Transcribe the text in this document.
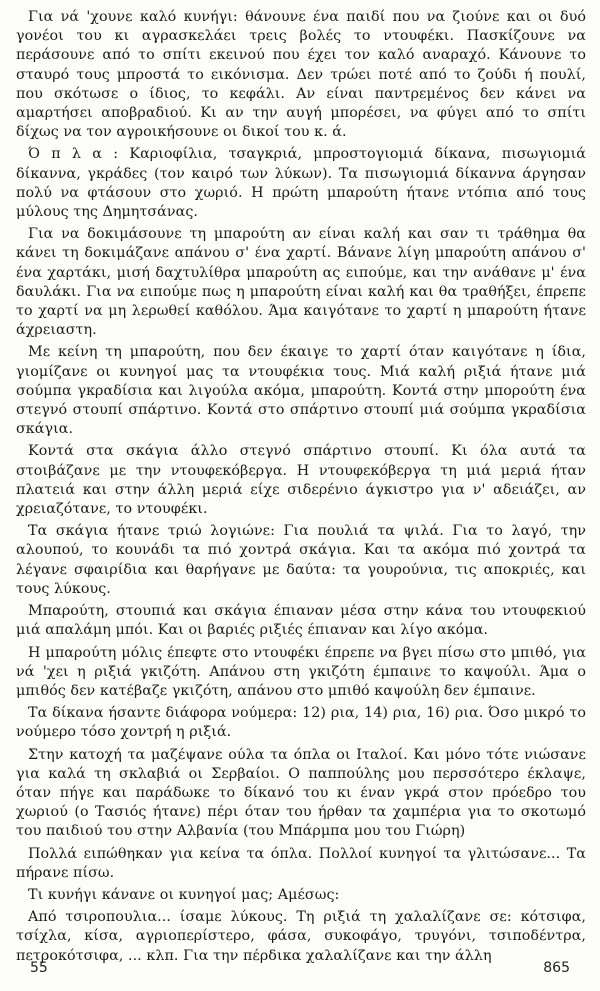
Για νά 'χουνε καλό κυνήγι: θάνουνε ένα παιδί που να ζιούνε και οι δυό γονέοι του κι αγρασκελάει τρεις βολές το ντουφέκι. Πασκίζουνε να περάσουνε από το σπίτι εκεινού που έχει τον καλό αναραχό. Κάνουνε το σταυρό τους μπροστά το εικόνισμα. Δεν τρώει ποτέ από το ζούδι ή πουλί, που σκότωσε ο ίδιος, το κεφάλι. Αν είναι παντρεμένος δεν κάνει να αμαρτήσει αποβραδιού. Κι αν την αυγή μπορέσει, να φύγει από το σπίτι δίχως να τον αγροικήσουνε οι δικοί του κ. ά.

Ό π λ α : Καριοφίλια, τσαγκριά, μπροστογιομιά δίκανα, πισωγιομιά δίκαννα, γκράδες (τον καιρό των λύκων). Τα πισωγιομιά δίκαννα άργησαν πολύ να φτάσουν στο χωριό. Η πρώτη μπαρούτη ήτανε ντόπια από τους μύλους της Δημητσάνας.

Για να δοκιμάσουνε τη μπαρούτη αν είναι καλή και σαν τι τράθημα θα κάνει τη δοκιμάζανε απάνου σ' ένα χαρτί. Βάνανε λίγη μπαρούτη απάνου σ' ένα χαρτάκι, μισή δαχτυλίθρα μπαρούτη ας ειπούμε, και την ανάθανε μ' ένα δαυλάκι. Για να ειπούμε πως η μπαρούτη είναι καλή και θα τραθήξει, έπρεπε το χαρτί να μη λερωθεί καθόλου. Άμα καιγότανε το χαρτί η μπαρούτη ήτανε άχρειαστη.

Με κείνη τη μπαρούτη, που δεν έκαιγε το χαρτί όταν καιγότανε η ίδια, γιομίζανε οι κυνηγοί μας τα ντουφέκια τους. Μιά καλή ριξιά ήτανε μιά σούμπα γκραδίσια και λιγούλα ακόμα, μπαρούτη. Κοντά στην μπορούτη ένα στεγνό στουπί σπάρτινο. Κοντά στο σπάρτινο στουπί μιά σούμπα γκραδίσια σκάγια.

Κοντά στα σκάγια άλλο στεγνό σπάρτινο στουπί. Κι όλα αυτά τα στοιβάζανε με την ντουφεκόβεργα. Η ντουφεκόβεργα τη μιά μεριά ήταν πλατειά και στην άλλη μεριά είχε σιδερένιο άγκιστρο για ν' αδειάζει, αν χρειαζότανε, το ντουφέκι.

Τα σκάγια ήτανε τριώ λογιώνε: Για πουλιά τα ψιλά. Για το λαγό, την αλουπού, το κουνάδι τα πιό χοντρά σκάγια. Και τα ακόμα πιό χοντρά τα λέγανε σφαιρίδια και θαρήγανε με δαύτα: τα γουρούνια, τις αποκριές, και τους λύκους.

Μπαρούτη, στουπιά και σκάγια έπιαναν μέσα στην κάνα του ντουφεκιού μιά απαλάμη μπόι. Και οι βαριές ριξιές έπιαναν και λίγο ακόμα.

Η μπαρούτη μόλις έπεφτε στο ντουφέκι έπρεπε να βγει πίσω στο μπιθό, για νά 'χει η ριξιά γκιζότη. Απάνου στη γκιζότη έμπαινε το καψούλι. Άμα ο μπιθός δεν κατέβαζε γκιζότη, απάνου στο μπιθό καψούλη δεν έμπαινε.

Τα δίκανα ήσαντε διάφορα νούμερα: 12) ρια, 14) ρια, 16) ρια. Όσο μικρό το νούμερο τόσο χοντρή η ριξιά.

Στην κατοχή τα μαζέψανε ούλα τα όπλα οι Ιταλοί. Και μόνο τότε νιώσανε για καλά τη σκλαβιά οι Σερβαίοι. Ο παππούλης μου περσσότερο έκλαψε, όταν πήγε και παράδωκε το δίκανό του κι έναν γκρά στον πρόεδρο του χωριού (ο Τασιός ήτανε) πέρι όταν του ήρθαν τα χαμπέρια για το σκοτωμό του παιδιού του στην Αλβανία (του Μπάρμπα μου του Γιώρη)

Πολλά ειπώθηκαν για κείνα τα όπλα. Πολλοί κυνηγοί τα γλιτώσανε... Τα πήρανε πίσω.

Τι κυνήγι κάνανε οι κυνηγοί μας; Αμέσως:

Από τσιροπουλια... ίσαμε λύκους. Τη ριξιά τη χαλαλίζανε σε: κότσιφα, τσίχλα, κίσα, αγριοπερίστερο, φάσα, συκοφάγο, τρυγόνι, τσιποδέντρα, πετροκότσιφα, ... κλπ. Για την πέρδικα χαλαλίζανε και την άλλη

55	865
